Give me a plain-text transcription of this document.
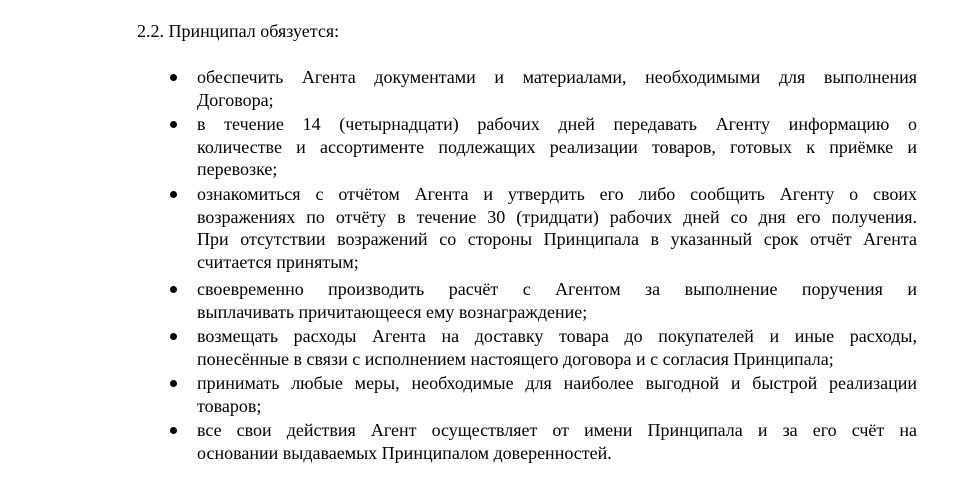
2.2. Принципал обязуется:
обеспечить Агента документами и материалами, необходимыми для выполнения
Договора;
в течение 14 (четырнадцати) рабочих дней передавать Агенту информацию о
количестве и ассортименте подлежащих реализации товаров, готовых к приёмке и
перевозке;
ознакомиться с отчётом Агента и утвердить его либо сообщить Агенту о своих
возражениях по отчёту в течение 30 (тридцати) рабочих дней со дня его получения.
При отсутствии возражений со стороны Принципала в указанный срок отчёт Агента
считается принятым;
своевременно производить расчёт с Агентом за выполнение поручения и
выплачивать причитающееся ему вознаграждение;
возмещать расходы Агента на доставку товара до покупателей и иные расходы,
понесённые в связи с исполнением настоящего договора и с согласия Принципала;
принимать любые меры, необходимые для наиболее выгодной и быстрой реализации
товаров;
все свои действия Агент осуществляет от имени Принципала и за его счёт на
основании выдаваемых Принципалом доверенностей.
